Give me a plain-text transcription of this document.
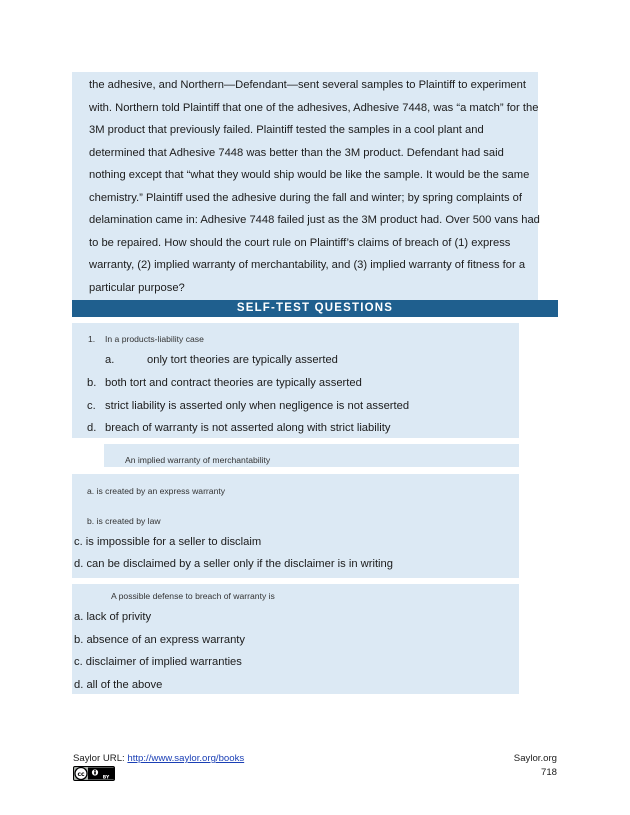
the adhesive, and Northern—Defendant—sent several samples to Plaintiff to experiment with. Northern told Plaintiff that one of the adhesives, Adhesive 7448, was “a match” for the 3M product that previously failed. Plaintiff tested the samples in a cool plant and determined that Adhesive 7448 was better than the 3M product. Defendant had said nothing except that “what they would ship would be like the sample. It would be the same chemistry.” Plaintiff used the adhesive during the fall and winter; by spring complaints of delamination came in: Adhesive 7448 failed just as the 3M product had. Over 500 vans had to be repaired. How should the court rule on Plaintiff’s claims of breach of (1) express warranty, (2) implied warranty of merchantability, and (3) implied warranty of fitness for a particular purpose?
SELF-TEST QUESTIONS
1. In a products-liability case
a.	only tort theories are typically asserted
b. both tort and contract theories are typically asserted
c. strict liability is asserted only when negligence is not asserted
d. breach of warranty is not asserted along with strict liability
An implied warranty of merchantability
a. is created by an express warranty
b. is created by law
c. is impossible for a seller to disclaim
d. can be disclaimed by a seller only if the disclaimer is in writing
A possible defense to breach of warranty is
a. lack of privity
b. absence of an express warranty
c. disclaimer of implied warranties
d. all of the above
Saylor URL: http://www.saylor.org/books	Saylor.org
718
cc	BY
